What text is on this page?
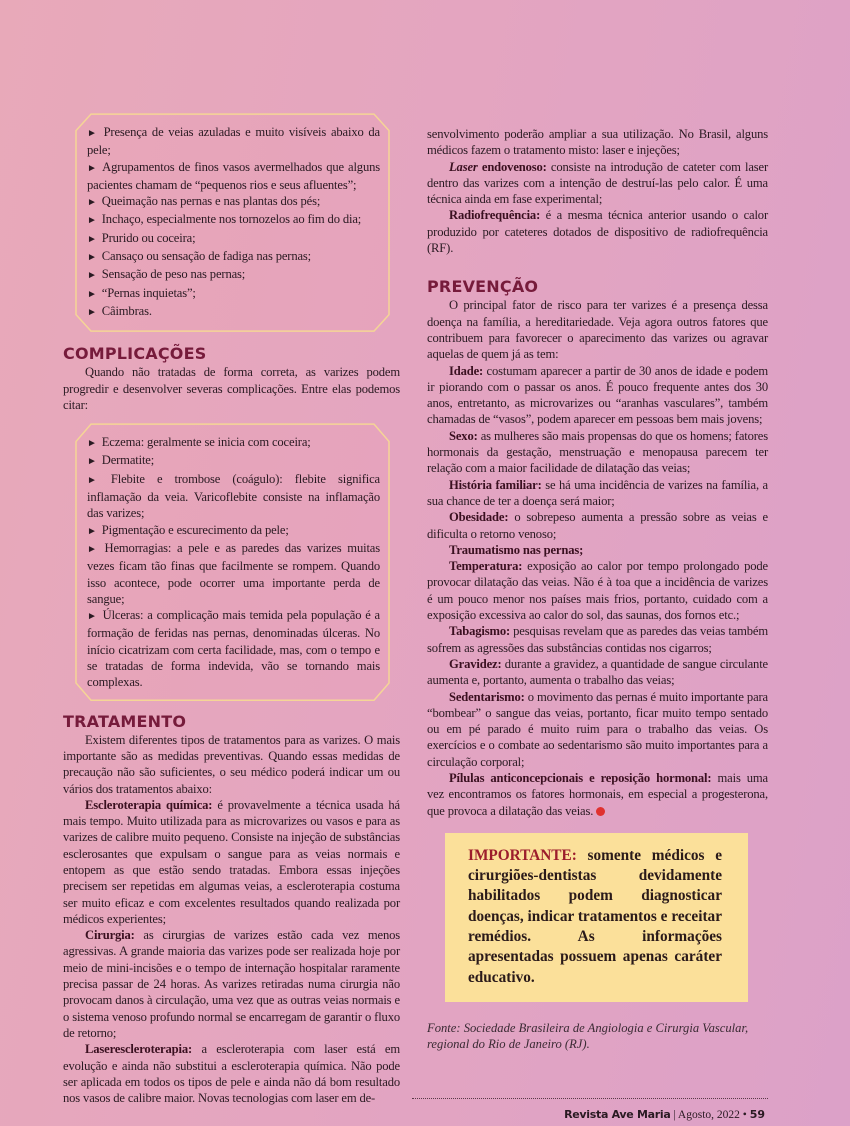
► Presença de veias azuladas e muito visíveis abaixo da pele;
► Agrupamentos de finos vasos avermelhados que alguns pacientes chamam de “pequenos rios e seus afluentes”;
► Queimação nas pernas e nas plantas dos pés;
► Inchaço, especialmente nos tornozelos ao fim do dia;
► Prurido ou coceira;
► Cansaço ou sensação de fadiga nas pernas;
► Sensação de peso nas pernas;
► “Pernas inquietas”;
► Câimbras.
COMPLICAÇÕES

Quando não tratadas de forma correta, as varizes podem progredir e desenvolver severas complicações. Entre elas podemos citar:

► Eczema: geralmente se inicia com coceira;
► Dermatite;
► Flebite e trombose (coágulo): flebite significa inflamação da veia. Varicoflebite consiste na inflamação das varizes;
► Pigmentação e escurecimento da pele;
► Hemorragias: a pele e as paredes das varizes muitas vezes ficam tão finas que facilmente se rompem. Quando isso acontece, pode ocorrer uma importante perda de sangue;
► Úlceras: a complicação mais temida pela população é a formação de feridas nas pernas, denominadas úlceras. No início cicatrizam com certa facilidade, mas, com o tempo e se tratadas de forma indevida, vão se tornando mais complexas.
TRATAMENTO

Existem diferentes tipos de tratamentos para as varizes. O mais importante são as medidas preventivas. Quando essas medidas de precaução não são suficientes, o seu médico poderá indicar um ou vários dos tratamentos abaixo:

Escleroterapia química: é provavelmente a técnica usada há mais tempo. Muito utilizada para as microvarizes ou vasos e para as varizes de calibre muito pequeno. Consiste na injeção de substâncias esclerosantes que expulsam o sangue para as veias normais e entopem as que estão sendo tratadas. Embora essas injeções precisem ser repetidas em algumas veias, a escleroterapia costuma ser muito eficaz e com excelentes resultados quando realizada por médicos experientes;

Cirurgia: as cirurgias de varizes estão cada vez menos agressivas. A grande maioria das varizes pode ser realizada hoje por meio de mini-incisões e o tempo de internação hospitalar raramente precisa passar de 24 horas. As varizes retiradas numa cirurgia não provocam danos à circulação, uma vez que as outras veias normais e o sistema venoso profundo normal se encarregam de garantir o fluxo de retorno;

Laserescleroterapia: a escleroterapia com laser está em evolução e ainda não substitui a escleroterapia química. Não pode ser aplicada em todos os tipos de pele e ainda não dá bom resultado nos vasos de calibre maior. Novas tecnologias com laser em de-

senvolvimento poderão ampliar a sua utilização. No Brasil, alguns médicos fazem o tratamento misto: laser e injeções;

Laser endovenoso: consiste na introdução de cateter com laser dentro das varizes com a intenção de destruí-las pelo calor. É uma técnica ainda em fase experimental;

Radiofrequência: é a mesma técnica anterior usando o calor produzido por cateteres dotados de dispositivo de radiofrequência (RF).

PREVENÇÃO

O principal fator de risco para ter varizes é a presença dessa doença na família, a hereditariedade. Veja agora outros fatores que contribuem para favorecer o aparecimento das varizes ou agravar aquelas de quem já as tem:

Idade: costumam aparecer a partir de 30 anos de idade e podem ir piorando com o passar os anos. É pouco frequente antes dos 30 anos, entretanto, as microvarizes ou “aranhas vasculares”, também chamadas de “vasos”, podem aparecer em pessoas bem mais jovens;

Sexo: as mulheres são mais propensas do que os homens; fatores hormonais da gestação, menstruação e menopausa parecem ter relação com a maior facilidade de dilatação das veias;

História familiar: se há uma incidência de varizes na família, a sua chance de ter a doença será maior;

Obesidade: o sobrepeso aumenta a pressão sobre as veias e dificulta o retorno venoso;

Traumatismo nas pernas;

Temperatura: exposição ao calor por tempo prolongado pode provocar dilatação das veias. Não é à toa que a incidência de varizes é um pouco menor nos países mais frios, portanto, cuidado com a exposição excessiva ao calor do sol, das saunas, dos fornos etc.;

Tabagismo: pesquisas revelam que as paredes das veias também sofrem as agressões das substâncias contidas nos cigarros;

Gravidez: durante a gravidez, a quantidade de sangue circulante aumenta e, portanto, aumenta o trabalho das veias;

Sedentarismo: o movimento das pernas é muito importante para “bombear” o sangue das veias, portanto, ficar muito tempo sentado ou em pé parado é muito ruim para o trabalho das veias. Os exercícios e o combate ao sedentarismo são muito importantes para a circulação corporal;

Pílulas anticoncepcionais e reposição hormonal: mais uma vez encontramos os fatores hormonais, em especial a progesterona, que provoca a dilatação das veias.

IMPORTANTE: somente médicos e cirurgiões-dentistas devidamente habilitados podem diagnosticar doenças, indicar tratamentos e receitar remédios. As informações apresentadas possuem apenas caráter educativo.

Fonte: Sociedade Brasileira de Angiologia e Cirurgia Vascular, regional do Rio de Janeiro (RJ).
Revista Ave Maria | Agosto, 2022 • 59
